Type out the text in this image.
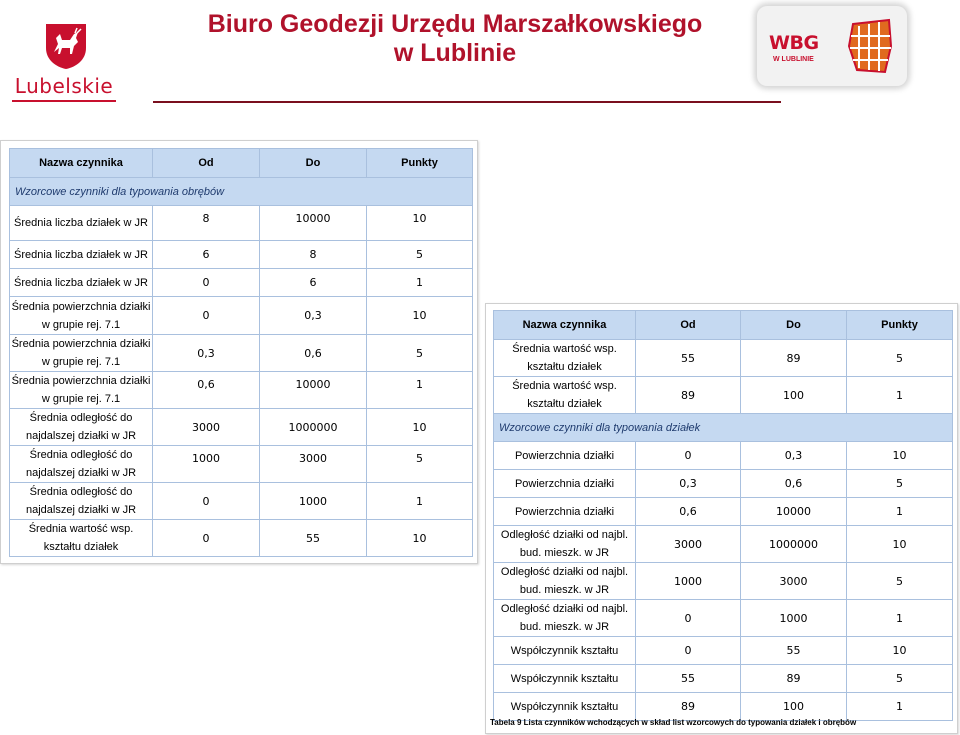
Lubelskie
Biuro Geodezji Urzędu Marszałkowskiego
w Lublinie	WBG
W LUBLINIE
Nazwa czynnika	Od	Do	Punkty
Wzorcowe czynniki dla typowania obrębów			
Średnia liczba działek w JR	8	10000	10
Średnia liczba działek w JR	6	8	5
Średnia liczba działek w JR	0	6	1
Średnia powierzchnia działki w grupie rej. 7.1	0	0,3	10
Średnia powierzchnia działki w grupie rej. 7.1	0,3	0,6	5
Średnia powierzchnia działki w grupie rej. 7.1	0,6	10000	1
Średnia odległość do najdalszej działki w JR	3000	1000000	10
Średnia odległość do najdalszej działki w JR	1000	3000	5
Średnia odległość do najdalszej działki w JR	0	1000	1
Średnia wartość wsp. kształtu działek	0	55	10
Nazwa czynnika	Od	Do	Punkty
Średnia wartość wsp. kształtu działek	55	89	5
Średnia wartość wsp. kształtu działek	89	100	1
Wzorcowe czynniki dla typowania działek			
Powierzchnia działki	0	0,3	10
Powierzchnia działki	0,3	0,6	5
Powierzchnia działki	0,6	10000	1
Odległość działki od najbl. bud. mieszk. w JR	3000	1000000	10
Odległość działki od najbl. bud. mieszk. w JR	1000	3000	5
Odległość działki od najbl. bud. mieszk. w JR	0	1000	1
Współczynnik kształtu	0	55	10
Współczynnik kształtu	55	89	5
Współczynnik kształtu	89	100	1
Tabela 9 Lista czynników wchodzących w skład list wzorcowych do typowania działek i obrębów
